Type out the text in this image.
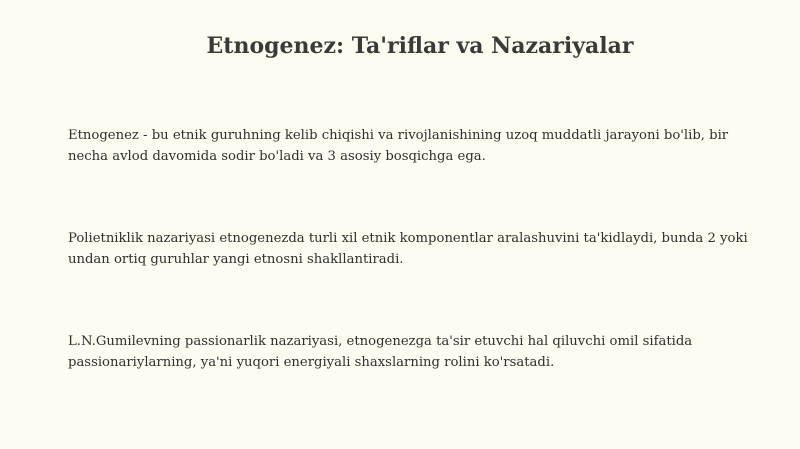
Etnogenez: Ta'riflar va Nazariyalar

Etnogenez - bu etnik guruhning kelib chiqishi va rivojlanishining uzoq muddatli jarayoni bo'lib, bir necha avlod davomida sodir bo'ladi va 3 asosiy bosqichga ega.

Polietniklik nazariyasi etnogenezda turli xil etnik komponentlar aralashuvini ta'kidlaydi, bunda 2 yoki undan ortiq guruhlar yangi etnosni shakllantiradi.

L.N.Gumilevning passionarlik nazariyasi, etnogenezga ta'sir etuvchi hal qiluvchi omil sifatida passionariylarning, ya'ni yuqori energiyali shaxslarning rolini ko'rsatadi.
